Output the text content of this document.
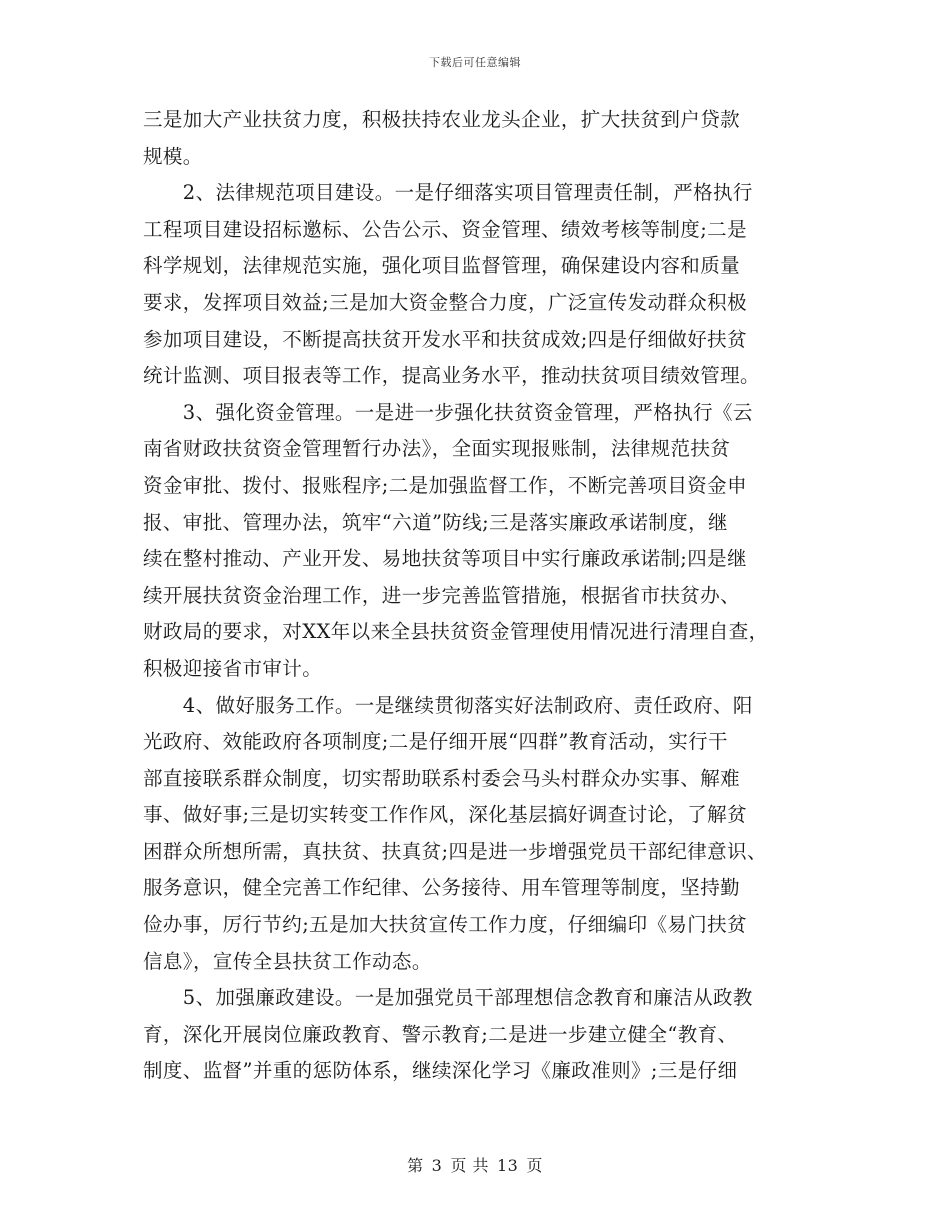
下载后可任意编辑
三是加大产业扶贫力度，积极扶持农业龙头企业，扩大扶贫到户贷款
规模。
　　2、法律规范项目建设。一是仔细落实项目管理责任制，严格执行
工程项目建设招标邀标、公告公示、资金管理、绩效考核等制度;二是
科学规划，法律规范实施，强化项目监督管理，确保建设内容和质量
要求，发挥项目效益;三是加大资金整合力度，广泛宣传发动群众积极
参加项目建设，不断提高扶贫开发水平和扶贫成效;四是仔细做好扶贫
统计监测、项目报表等工作，提高业务水平，推动扶贫项目绩效管理。
　　3、强化资金管理。一是进一步强化扶贫资金管理，严格执行《云
南省财政扶贫资金管理暂行办法》，全面实现报账制，法律规范扶贫
资金审批、拨付、报账程序;二是加强监督工作，不断完善项目资金申
报、审批、管理办法，筑牢“六道”防线;三是落实廉政承诺制度，继
续在整村推动、产业开发、易地扶贫等项目中实行廉政承诺制;四是继
续开展扶贫资金治理工作，进一步完善监管措施，根据省市扶贫办、
财政局的要求，对XX年以来全县扶贫资金管理使用情况进行清理自查，
积极迎接省市审计。
　　4、做好服务工作。一是继续贯彻落实好法制政府、责任政府、阳
光政府、效能政府各项制度;二是仔细开展“四群”教育活动，实行干
部直接联系群众制度，切实帮助联系村委会马头村群众办实事、解难
事、做好事;三是切实转变工作作风，深化基层搞好调查讨论，了解贫
困群众所想所需，真扶贫、扶真贫;四是进一步增强党员干部纪律意识、
服务意识，健全完善工作纪律、公务接待、用车管理等制度，坚持勤
俭办事，厉行节约;五是加大扶贫宣传工作力度，仔细编印《易门扶贫
信息》，宣传全县扶贫工作动态。
　　5、加强廉政建设。一是加强党员干部理想信念教育和廉洁从政教
育，深化开展岗位廉政教育、警示教育;二是进一步建立健全“教育、
制度、监督”并重的惩防体系，继续深化学习《廉政准则》;三是仔细
第 3 页 共 13 页
